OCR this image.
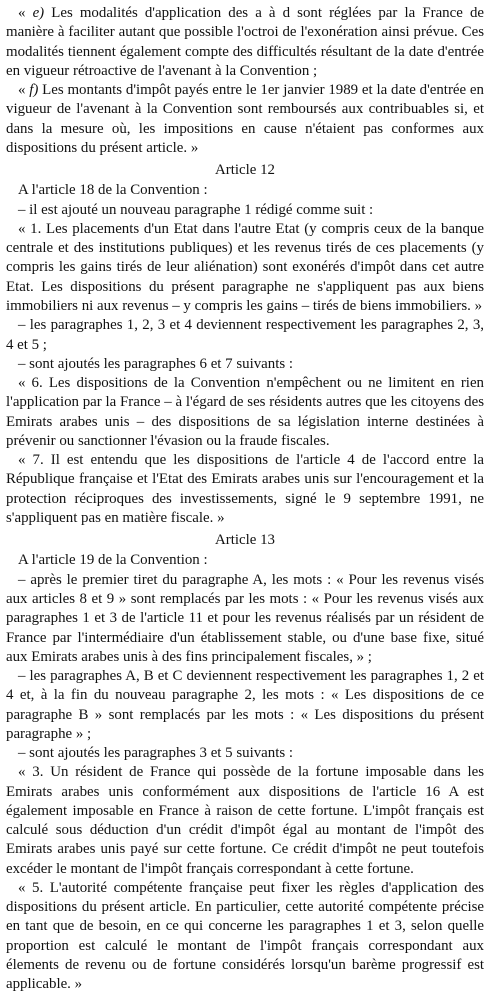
« e) Les modalités d'application des a à d sont réglées par la France de manière à faciliter autant que possible l'octroi de l'exonération ainsi prévue. Ces modalités tiennent également compte des difficultés résultant de la date d'entrée en vigueur rétroactive de l'avenant à la Convention ;

« f) Les montants d'impôt payés entre le 1er janvier 1989 et la date d'entrée en vigueur de l'avenant à la Convention sont remboursés aux contribuables si, et dans la mesure où, les impositions en cause n'étaient pas conformes aux dispositions du présent article. »

Article 12

A l'article 18 de la Convention :

– il est ajouté un nouveau paragraphe 1 rédigé comme suit :

« 1. Les placements d'un Etat dans l'autre Etat (y compris ceux de la banque centrale et des institutions publiques) et les revenus tirés de ces placements (y compris les gains tirés de leur aliénation) sont exonérés d'impôt dans cet autre Etat. Les dispositions du présent paragraphe ne s'appliquent pas aux biens immobiliers ni aux revenus – y compris les gains – tirés de biens immobiliers. »

– les paragraphes 1, 2, 3 et 4 deviennent respectivement les paragraphes 2, 3, 4 et 5 ;

– sont ajoutés les paragraphes 6 et 7 suivants :

« 6. Les dispositions de la Convention n'empêchent ou ne limitent en rien l'application par la France – à l'égard de ses résidents autres que les citoyens des Emirats arabes unis – des dispositions de sa législation interne destinées à prévenir ou sanctionner l'évasion ou la fraude fiscales.

« 7. Il est entendu que les dispositions de l'article 4 de l'accord entre la République française et l'Etat des Emirats arabes unis sur l'encouragement et la protection réciproques des investissements, signé le 9 septembre 1991, ne s'appliquent pas en matière fiscale. »

Article 13

A l'article 19 de la Convention :

– après le premier tiret du paragraphe A, les mots : « Pour les revenus visés aux articles 8 et 9 » sont remplacés par les mots : « Pour les revenus visés aux paragraphes 1 et 3 de l'article 11 et pour les revenus réalisés par un résident de France par l'intermédiaire d'un établissement stable, ou d'une base fixe, situé aux Emirats arabes unis à des fins principalement fiscales, » ;

– les paragraphes A, B et C deviennent respectivement les paragraphes 1, 2 et 4 et, à la fin du nouveau paragraphe 2, les mots : « Les dispositions de ce paragraphe B » sont remplacés par les mots : « Les dispositions du présent paragraphe » ;

– sont ajoutés les paragraphes 3 et 5 suivants :

« 3. Un résident de France qui possède de la fortune imposable dans les Emirats arabes unis conformément aux dispositions de l'article 16 A est également imposable en France à raison de cette fortune. L'impôt français est calculé sous déduction d'un crédit d'impôt égal au montant de l'impôt des Emirats arabes unis payé sur cette fortune. Ce crédit d'impôt ne peut toutefois excéder le montant de l'impôt français correspondant à cette fortune.

« 5. L'autorité compétente française peut fixer les règles d'application des dispositions du présent article. En particulier, cette autorité compétente précise en tant que de besoin, en ce qui concerne les paragraphes 1 et 3, selon quelle proportion est calculé le montant de l'impôt français correspondant aux élements de revenu ou de fortune considérés lorsqu'un barème progressif est applicable. »
